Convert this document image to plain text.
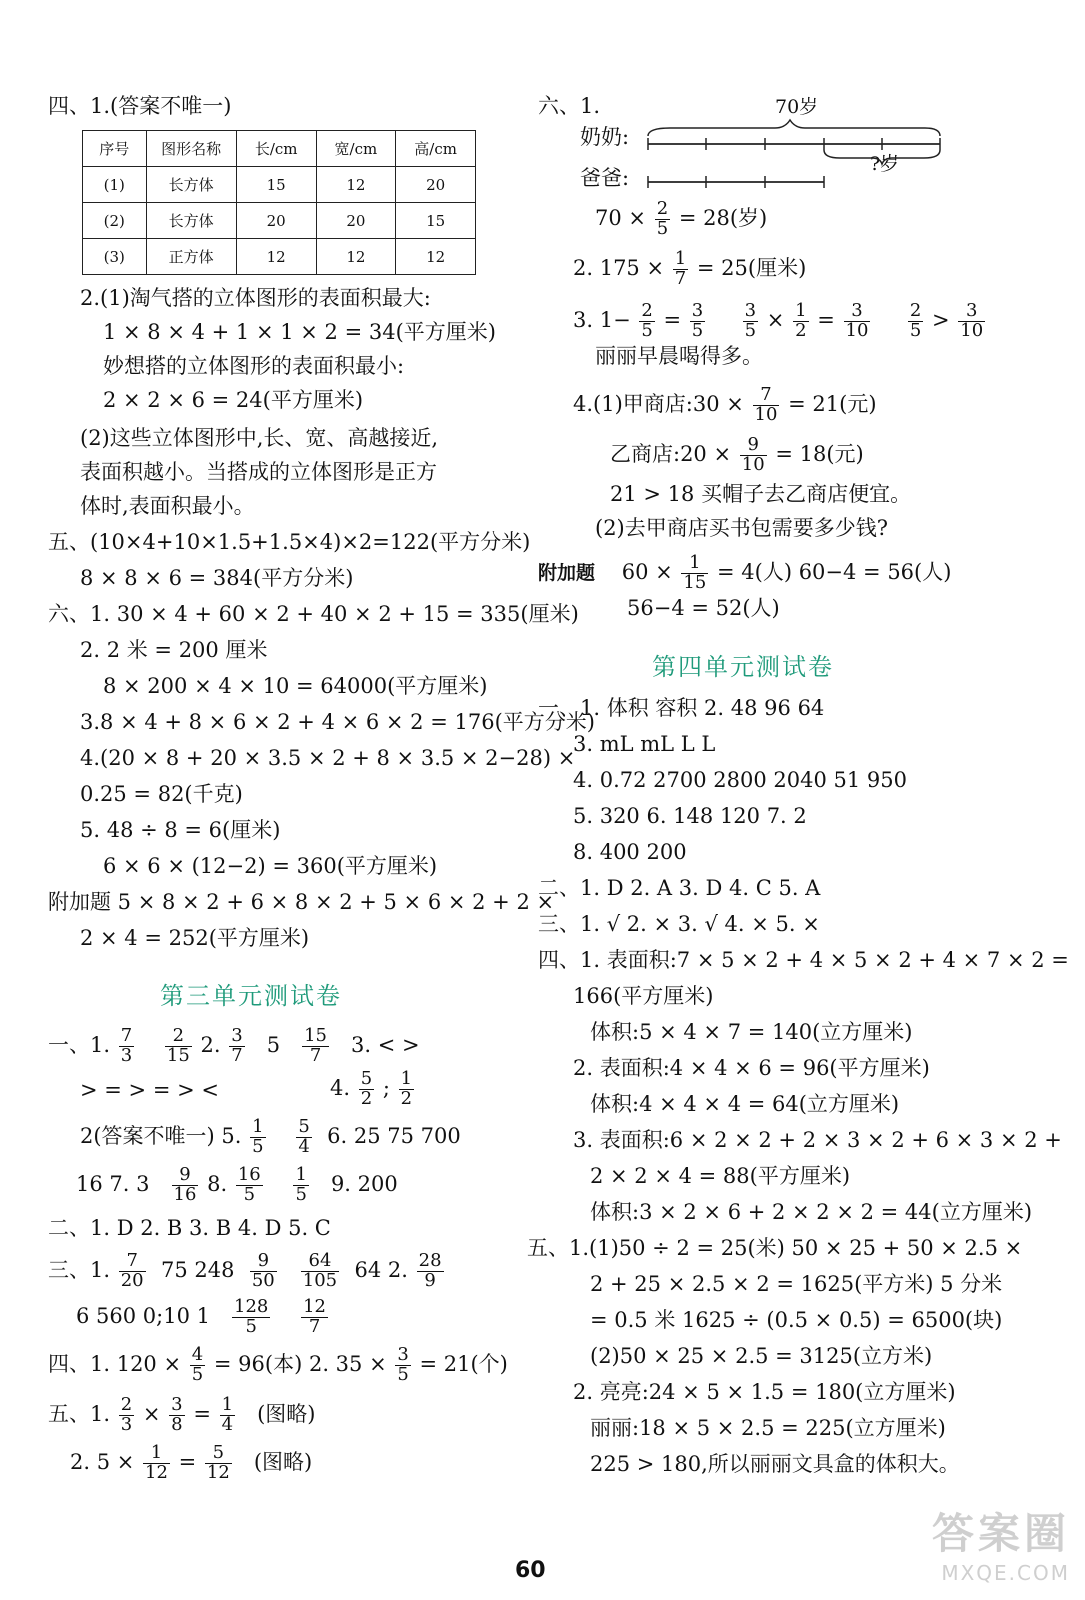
四、1.(答案不唯一)
序号	图形名称	长/cm	宽/cm	高/cm
(1)	长方体	15	12	20
(2)	长方体	20	20	15
(3)	正方体	12	12	12
2.(1)淘气搭的立体图形的表面积最大:
1 × 8 × 4 + 1 × 1 × 2 = 34(平方厘米)
妙想搭的立体图形的表面积最小:
2 × 2 × 6 = 24(平方厘米)
(2)这些立体图形中,长、宽、高越接近,
表面积越小。当搭成的立体图形是正方
体时,表面积最小。
五、(10×4+10×1.5+1.5×4)×2=122(平方分米)
8 × 8 × 6 = 384(平方分米)
六、1. 30 × 4 + 60 × 2 + 40 × 2 + 15 = 335(厘米)
2. 2 米 = 200 厘米
8 × 200 × 4 × 10 = 64000(平方厘米)
3.8 × 4 + 8 × 6 × 2 + 4 × 6 × 2 = 176(平方分米)
4.(20 × 8 + 20 × 3.5 × 2 + 8 × 3.5 × 2−28) ×
0.25 = 82(千克)
5. 48 ÷ 8 = 6(厘米)
6 × 6 × (12−2) = 360(平方厘米)
附加题 5 × 8 × 2 + 6 × 8 × 2 + 5 × 6 × 2 + 2 ×
2 × 4 = 252(平方厘米)
第三单元测试卷
一、1. $\frac{7}{3}$
$\frac{2}{15} 2$. $\frac{3}{7} 5 \frac{15}{7} 3$. < >
> = > = > <	4. $\frac{5}{2}$ ; $\frac{1}{2}$
2(答案不唯一) 5. $\frac{1}{5}$
$\frac{5}{4} 6$. 25 75 700
16 7. $3 \frac{9}{16} 8$. $\frac{16}{5}$
$\frac{1}{5} 9$. 200
二、1. D 2. B 3. B 4. D 5. C
三、1. $\frac{7}{20} 75$ $248 \frac{9}{50}$
$\frac{64}{105} 64$ 2. $\frac{28}{9}$
6 560 0;10 $1 \frac{128}{5}$
$\frac{12}{7}$
四、1. $120 \times \frac{4}{5} = 96$(本) 2. $35 \times \frac{3}{5} = 21$(个)
五、1. $\frac{2}{3} \times \frac{3}{8} = \frac{1}{4}$ (图略)
2. $5 \times \frac{1}{12} = \frac{5}{12}$ (图略)
六、1.	70岁
奶奶:
爸爸:
?岁
$70 \times \frac{2}{5} = 28$(岁)
2. $175 \times \frac{1}{7} = 25$(厘米)
3. $1- \frac{2}{5} = \frac{3}{5}$
$\frac{3}{5} \times \frac{1}{2} = \frac{3}{10}$
$\frac{2}{5} > \frac{3}{10}$
丽丽早晨喝得多。
4.(1)甲商店:30 × $\frac{7}{10} = 21$(元)
乙商店:20 × $\frac{9}{10} = 18$(元)
21 > 18 买帽子去乙商店便宜。
(2)去甲商店买书包需要多少钱?
附加题 $60 \times \frac{1}{15} = 4$(人) 60−4 = 56(人)
56−4 = 52(人)
第四单元测试卷
一、1. 体积 容积 2. 48 96 64
3. mL mL L L
4. 0.72 2700 2800 2040 51 950
5. 320 6. 148 120 7. 2
8. 400 200
二、1. D 2. A 3. D 4. C 5. A
三、1. √ 2. × 3. √ 4. × 5. ×
四、1. 表面积:7 × 5 × 2 + 4 × 5 × 2 + 4 × 7 × 2 =
166(平方厘米)
体积:5 × 4 × 7 = 140(立方厘米)
2. 表面积:4 × 4 × 6 = 96(平方厘米)
体积:4 × 4 × 4 = 64(立方厘米)
3. 表面积:6 × 2 × 2 + 2 × 3 × 2 + 6 × 3 × 2 +
2 × 2 × 4 = 88(平方厘米)
体积:3 × 2 × 6 + 2 × 2 × 2 = 44(立方厘米)
五、1.(1)50 ÷ 2 = 25(米) 50 × 25 + 50 × 2.5 ×
2 + 25 × 2.5 × 2 = 1625(平方米) 5 分米
= 0.5 米 1625 ÷ (0.5 × 0.5) = 6500(块)
(2)50 × 25 × 2.5 = 3125(立方米)
2. 亮亮:24 × 5 × 1.5 = 180(立方厘米)
丽丽:18 × 5 × 2.5 = 225(立方厘米)
225 > 180,所以丽丽文具盒的体积大。
60
答案圈
MXQE.COM
